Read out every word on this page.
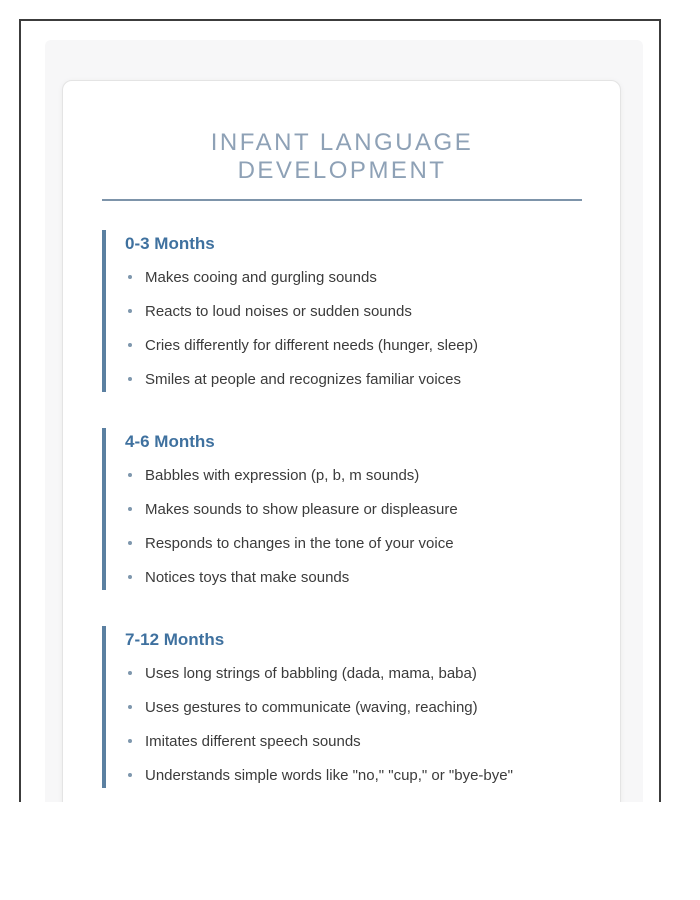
INFANT LANGUAGE DEVELOPMENT
0-3 Months
Makes cooing and gurgling sounds
Reacts to loud noises or sudden sounds
Cries differently for different needs (hunger, sleep)
Smiles at people and recognizes familiar voices
4-6 Months
Babbles with expression (p, b, m sounds)
Makes sounds to show pleasure or displeasure
Responds to changes in the tone of your voice
Notices toys that make sounds
7-12 Months
Uses long strings of babbling (dada, mama, baba)
Uses gestures to communicate (waving, reaching)
Imitates different speech sounds
Understands simple words like "no," "cup," or "bye-bye"
